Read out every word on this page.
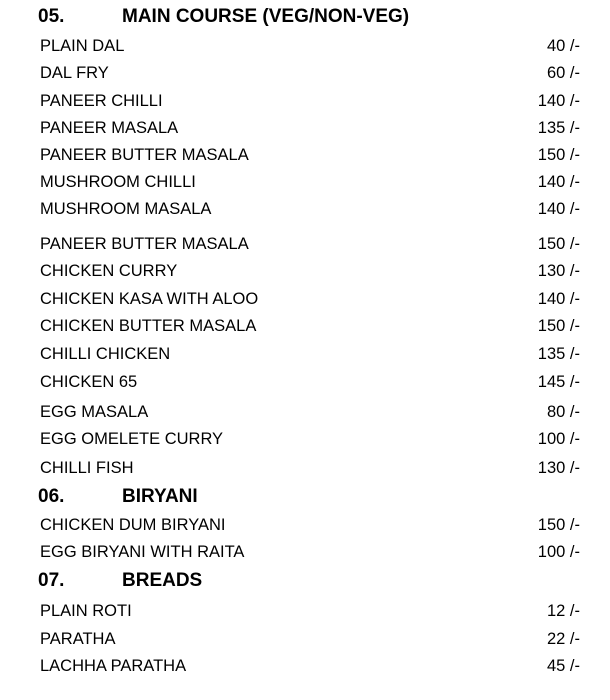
05.	MAIN COURSE (VEG/NON-VEG)
PLAIN DAL	40 /-
DAL FRY	60 /-
PANEER CHILLI	140 /-
PANEER MASALA	135 /-
PANEER BUTTER MASALA	150 /-
MUSHROOM CHILLI	140 /-
MUSHROOM MASALA	140 /-
PANEER BUTTER MASALA	150 /-
CHICKEN CURRY	130 /-
CHICKEN KASA WITH ALOO	140 /-
CHICKEN BUTTER MASALA	150 /-
CHILLI CHICKEN	135 /-
CHICKEN 65	145 /-
EGG MASALA	80 /-
EGG OMELETE CURRY	100 /-
CHILLI FISH	130 /-
06.	BIRYANI
CHICKEN DUM BIRYANI	150 /-
EGG BIRYANI WITH RAITA	100 /-
07.	BREADS
PLAIN ROTI	12 /-
PARATHA	22 /-
LACHHA PARATHA	45 /-
